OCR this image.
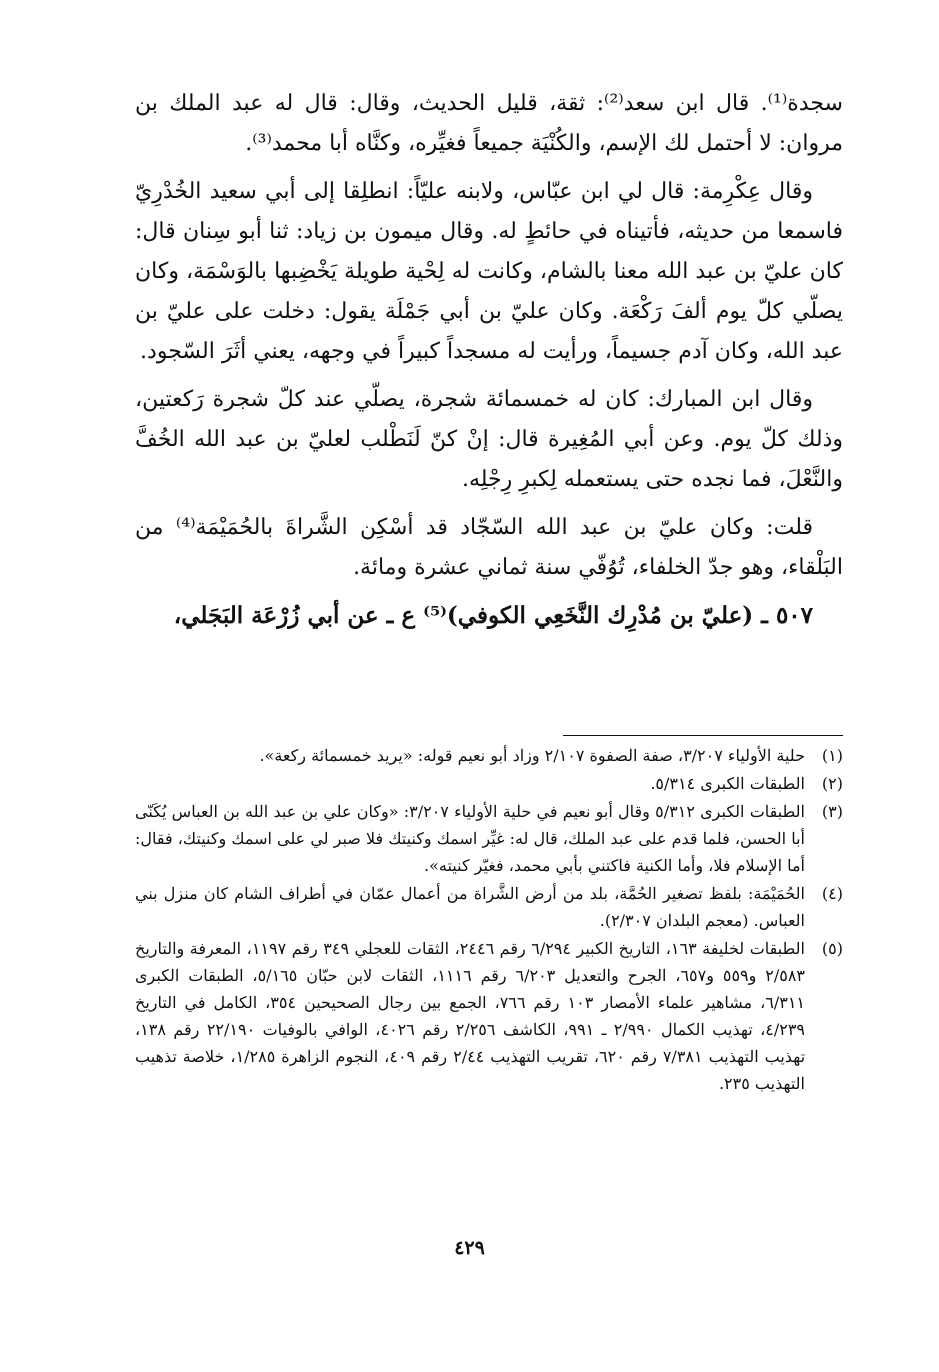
سجدة⁽¹⁾. قال ابن سعد⁽²⁾: ثقة، قليل الحديث، وقال: قال له عبد الملك بن مروان: لا أحتمل لك الإسم، والكُنْيَة جميعاً فغيِّره، وكنَّاه أبا محمد⁽³⁾.

وقال عِكْرِمة: قال لي ابن عبّاس، ولابنه عليّاً: انطلِقا إلى أبي سعيد الخُدْرِيّ فاسمعا من حديثه، فأتيناه في حائطٍ له. وقال ميمون بن زياد: ثنا أبو سِنان قال: كان عليّ بن عبد الله معنا بالشام، وكانت له لِحْية طويلة يَخْضِبها بالوَسْمَة، وكان يصلّي كلّ يوم ألفَ رَكْعَة. وكان عليّ بن أبي جَمْلَة يقول: دخلت على عليّ بن عبد الله، وكان آدم جسيماً، ورأيت له مسجداً كبيراً في وجهه، يعني أثَرَ السّجود.

وقال ابن المبارك: كان له خمسمائة شجرة، يصلّي عند كلّ شجرة رَكعتين، وذلك كلّ يوم. وعن أبي المُغِيرة قال: إنْ كنّ لَنَطْلب لعليّ بن عبد الله الخُفَّ والنَّعْلَ، فما نجده حتى يستعمله لِكبرِ رِجْلِه.

قلت: وكان عليّ بن عبد الله السّجّاد قد أسْكِن الشَّراةَ بالحُمَيْمَة⁽⁴⁾ من البَلْقاء، وهو جدّ الخلفاء، تُوُفّي سنة ثماني عشرة ومائة.

٥٠٧ ـ (عليّ بن مُدْرِك النَّخَعِي الكوفي)⁽⁵⁾ ع ـ عن أبي زُرْعَة البَجَلي،

(١)
حلية الأولياء ٣/٢٠٧، صفة الصفوة ٢/١٠٧ وزاد أبو نعيم قوله: «يريد خمسمائة ركعة».
(٢)
الطبقات الكبرى ٥/٣١٤.
(٣)
الطبقات الكبرى ٥/٣١٢ وقال أبو نعيم في حلية الأولياء ٣/٢٠٧: «وكان علي بن عبد الله بن العباس يُكَنّى أبا الحسن، فلما قدم على عبد الملك، قال له: غيِّر اسمك وكنيتك فلا صبر لي على اسمك وكنيتك، فقال: أما الإسلام فلا، وأما الكنية فاكتني بأبي محمد، فغيّر كنيته».
(٤)
الحُمَيْمَة: بلفظ تصغير الحُمَّة، بلد من أرض الشَّراة من أعمال عمّان في أطراف الشام كان منزل بني العباس. (معجم البلدان ٢/٣٠٧).
(٥)
الطبقات لخليفة ١٦٣، التاريخ الكبير ٦/٢٩٤ رقم ٢٤٤٦، الثقات للعجلي ٣٤٩ رقم ١١٩٧، المعرفة والتاريخ ٢/٥٨٣ و٥٥٩ و٦٥٧، الجرح والتعديل ٦/٢٠٣ رقم ١١١٦، الثقات لابن حبّان ٥/١٦٥، الطبقات الكبرى ٦/٣١١، مشاهير علماء الأمصار ١٠٣ رقم ٧٦٦، الجمع بين رجال الصحيحين ٣٥٤، الكامل في التاريخ ٤/٢٣٩، تهذيب الكمال ٢/٩٩٠ ـ ٩٩١، الكاشف ٢/٢٥٦ رقم ٤٠٢٦، الوافي بالوفيات ٢٢/١٩٠ رقم ١٣٨، تهذيب التهذيب ٧/٣٨١ رقم ٦٢٠، تقريب التهذيب ٢/٤٤ رقم ٤٠٩، النجوم الزاهرة ١/٢٨٥، خلاصة تذهيب التهذيب ٢٣٥.
٤٢٩
